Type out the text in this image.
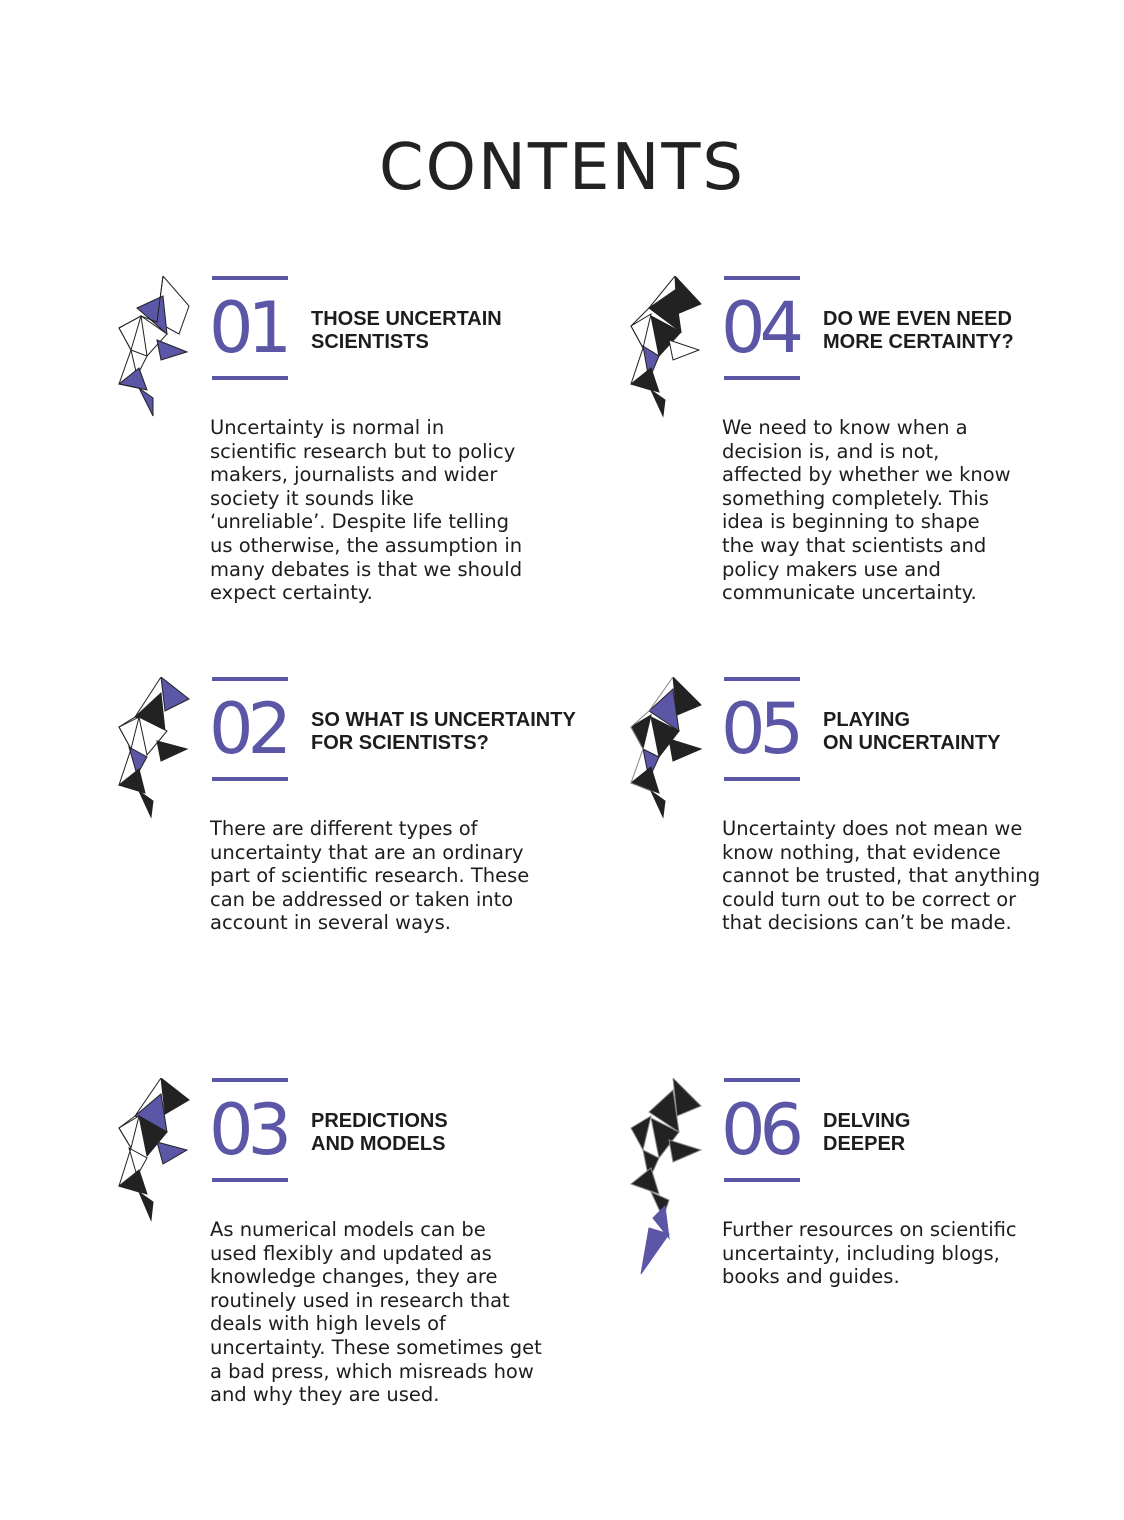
CONTENTS
01	THOSE UNCERTAIN
SCIENTISTS
Uncertainty is normal in
scientific research but to policy
makers, journalists and wider
society it sounds like
‘unreliable’. Despite life telling
us otherwise, the assumption in
many debates is that we should
expect certainty.
02	SO WHAT IS UNCERTAINTY
FOR SCIENTISTS?
There are different types of
uncertainty that are an ordinary
part of scientific research. These
can be addressed or taken into
account in several ways.
03	PREDICTIONS
AND MODELS
As numerical models can be
used flexibly and updated as
knowledge changes, they are
routinely used in research that
deals with high levels of
uncertainty. These sometimes get
a bad press, which misreads how
and why they are used.
04	DO WE EVEN NEED
MORE CERTAINTY?
We need to know when a
decision is, and is not,
affected by whether we know
something completely. This
idea is beginning to shape
the way that scientists and
policy makers use and
communicate uncertainty.
05	PLAYING
ON UNCERTAINTY
Uncertainty does not mean we
know nothing, that evidence
cannot be trusted, that anything
could turn out to be correct or
that decisions can’t be made.
06	DELVING
DEEPER
Further resources on scientific
uncertainty, including blogs,
books and guides.
